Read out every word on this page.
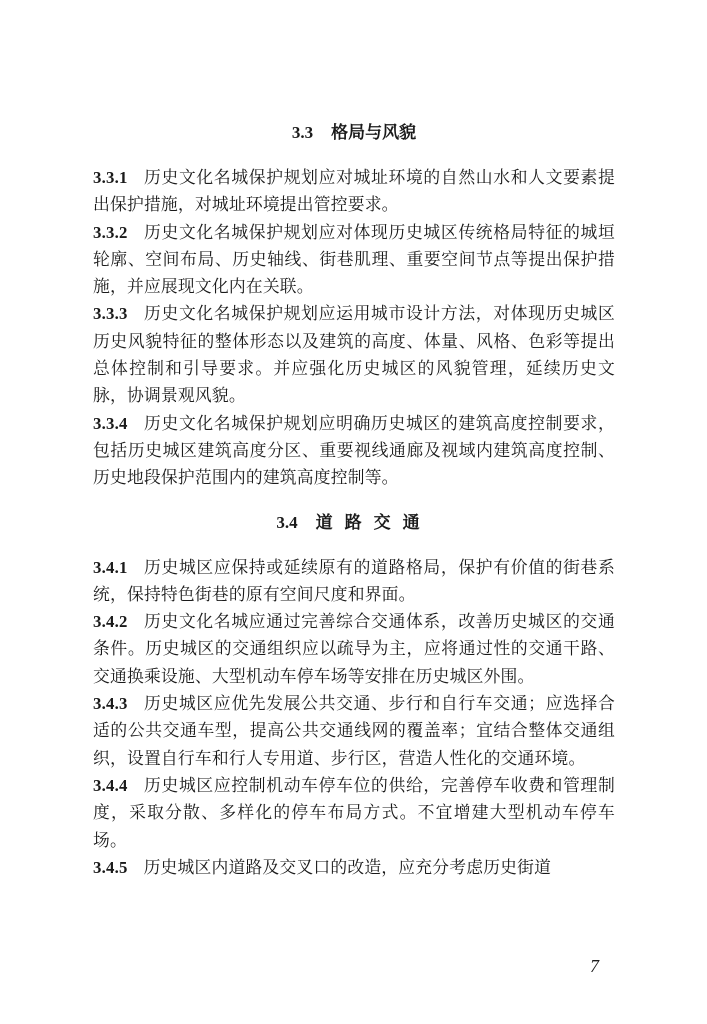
3.3 格局与风貌

3.3.1 历史文化名城保护规划应对城址环境的自然山水和人文要素提出保护措施，对城址环境提出管控要求。

3.3.2 历史文化名城保护规划应对体现历史城区传统格局特征的城垣轮廓、空间布局、历史轴线、街巷肌理、重要空间节点等提出保护措施，并应展现文化内在关联。

3.3.3 历史文化名城保护规划应运用城市设计方法，对体现历史城区历史风貌特征的整体形态以及建筑的高度、体量、风格、色彩等提出总体控制和引导要求。并应强化历史城区的风貌管理，延续历史文脉，协调景观风貌。

3.3.4 历史文化名城保护规划应明确历史城区的建筑高度控制要求，包括历史城区建筑高度分区、重要视线通廊及视域内建筑高度控制、历史地段保护范围内的建筑高度控制等。

3.4 道路交通

3.4.1 历史城区应保持或延续原有的道路格局，保护有价值的街巷系统，保持特色街巷的原有空间尺度和界面。

3.4.2 历史文化名城应通过完善综合交通体系，改善历史城区的交通条件。历史城区的交通组织应以疏导为主，应将通过性的交通干路、交通换乘设施、大型机动车停车场等安排在历史城区外围。

3.4.3 历史城区应优先发展公共交通、步行和自行车交通；应选择合适的公共交通车型，提高公共交通线网的覆盖率；宜结合整体交通组织，设置自行车和行人专用道、步行区，营造人性化的交通环境。

3.4.4 历史城区应控制机动车停车位的供给，完善停车收费和管理制度，采取分散、多样化的停车布局方式。不宜增建大型机动车停车场。

3.4.5 历史城区内道路及交叉口的改造，应充分考虑历史街道

7
